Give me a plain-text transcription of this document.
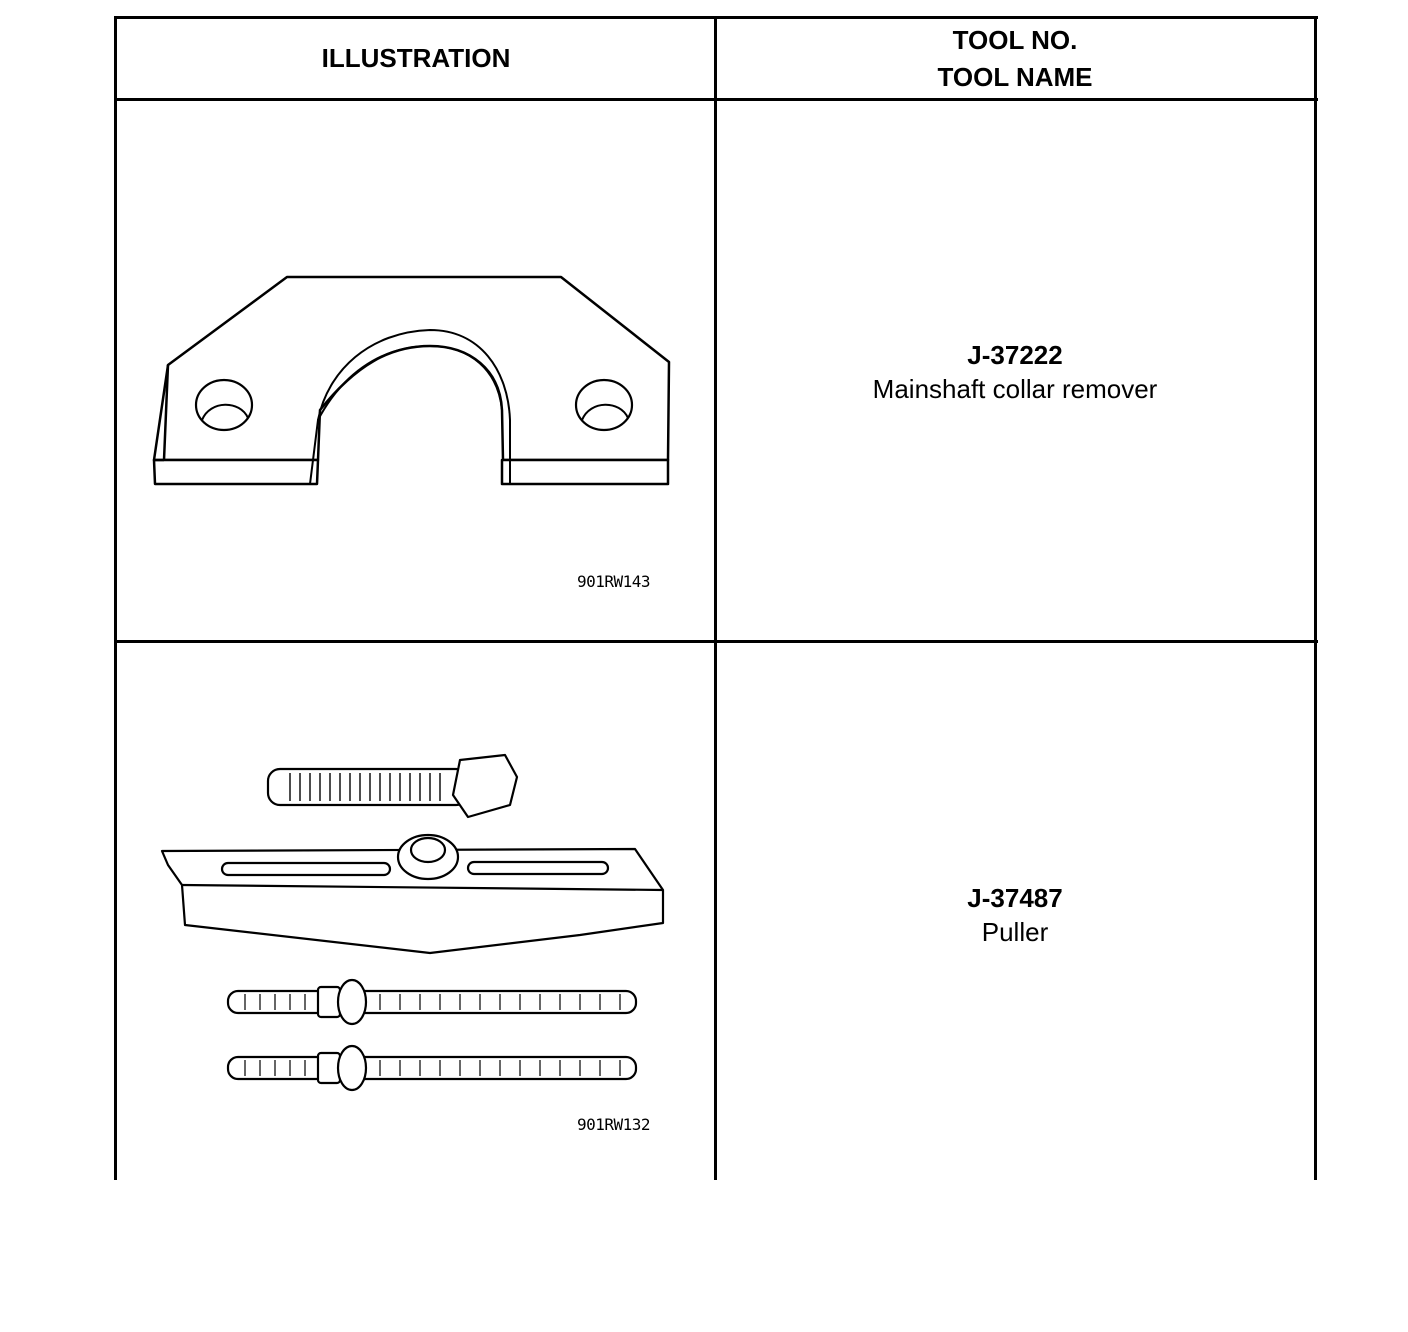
ILLUSTRATION
TOOL NO.
TOOL NAME
901RW143
J-37222
Mainshaft collar remover
901RW132
J-37487
Puller
